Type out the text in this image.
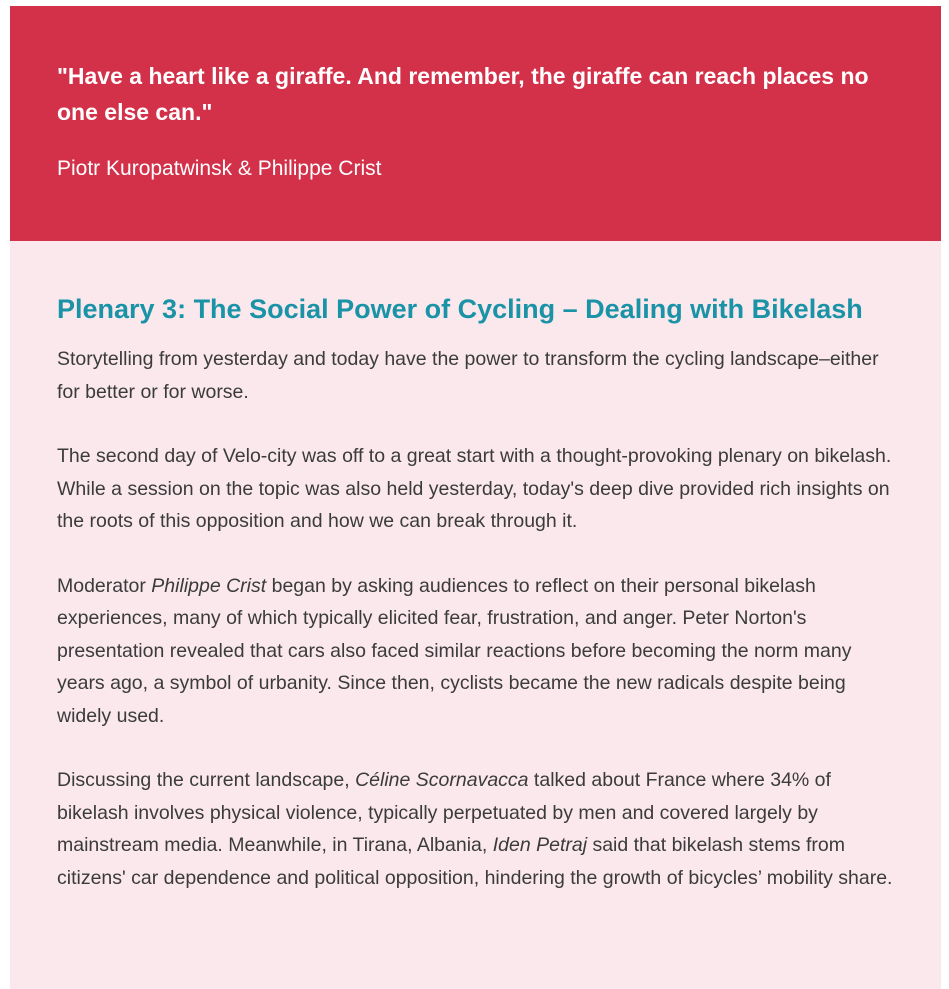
"Have a heart like a giraffe. And remember, the giraffe can reach places no one else can."

Piotr Kuropatwinsk & Philippe Crist

Plenary 3: The Social Power of Cycling – Dealing with Bikelash

Storytelling from yesterday and today have the power to transform the cycling landscape–either for better or for worse.

The second day of Velo-city was off to a great start with a thought-provoking plenary on bikelash. While a session on the topic was also held yesterday, today's deep dive provided rich insights on the roots of this opposition and how we can break through it.

Moderator Philippe Crist began by asking audiences to reflect on their personal bikelash experiences, many of which typically elicited fear, frustration, and anger. Peter Norton's presentation revealed that cars also faced similar reactions before becoming the norm many years ago, a symbol of urbanity. Since then, cyclists became the new radicals despite being widely used.

Discussing the current landscape, Céline Scornavacca talked about France where 34% of bikelash involves physical violence, typically perpetuated by men and covered largely by mainstream media. Meanwhile, in Tirana, Albania, Iden Petraj said that bikelash stems from citizens' car dependence and political opposition, hindering the growth of bicycles’ mobility share.
